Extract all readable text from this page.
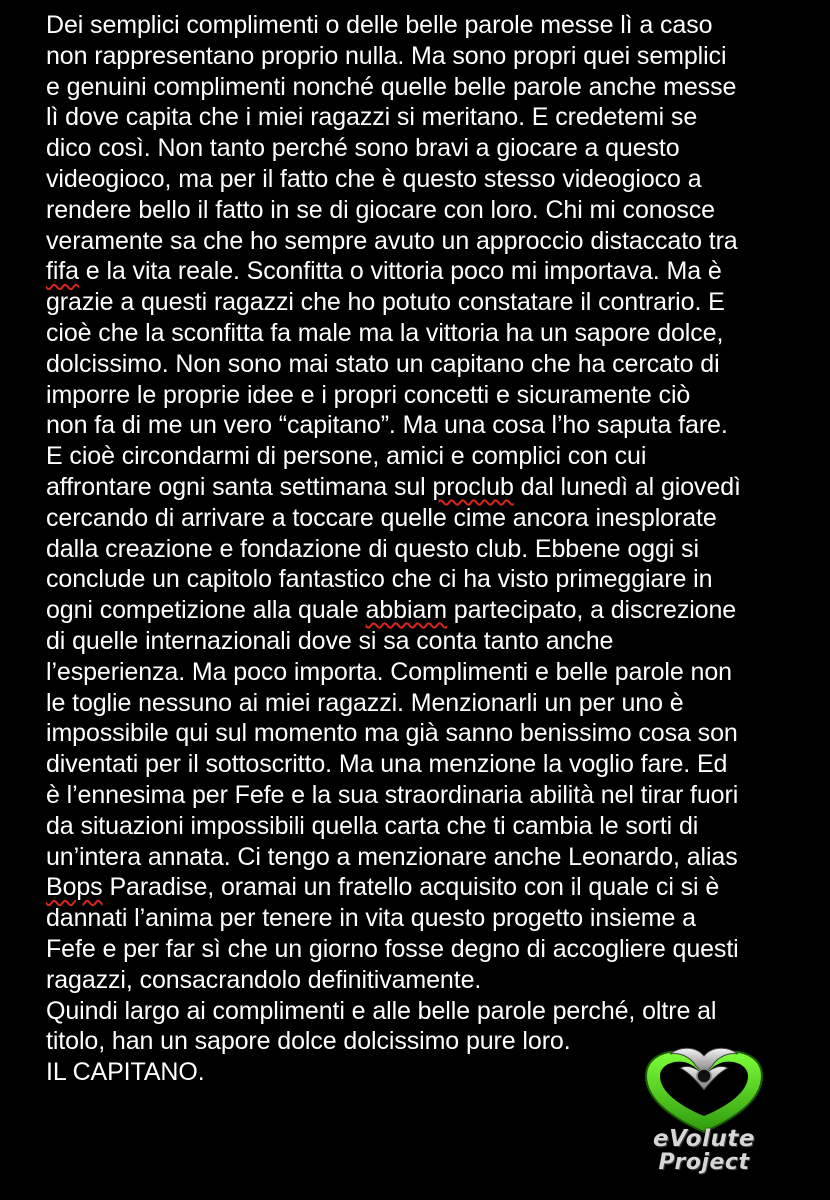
Dei semplici complimenti o delle belle parole messe lì a caso
non rappresentano proprio nulla. Ma sono propri quei semplici
e genuini complimenti nonché quelle belle parole anche messe
lì dove capita che i miei ragazzi si meritano. E credetemi se
dico così. Non tanto perché sono bravi a giocare a questo
videogioco, ma per il fatto che è questo stesso videogioco a
rendere bello il fatto in se di giocare con loro. Chi mi conosce
veramente sa che ho sempre avuto un approccio distaccato tra
fifa e la vita reale. Sconfitta o vittoria poco mi importava. Ma è
grazie a questi ragazzi che ho potuto constatare il contrario. E
cioè che la sconfitta fa male ma la vittoria ha un sapore dolce,
dolcissimo. Non sono mai stato un capitano che ha cercato di
imporre le proprie idee e i propri concetti e sicuramente ciò
non fa di me un vero “capitano”. Ma una cosa l’ho saputa fare.
E cioè circondarmi di persone, amici e complici con cui
affrontare ogni santa settimana sul proclub dal lunedì al giovedì
cercando di arrivare a toccare quelle cime ancora inesplorate
dalla creazione e fondazione di questo club. Ebbene oggi si
conclude un capitolo fantastico che ci ha visto primeggiare in
ogni competizione alla quale abbiam partecipato, a discrezione
di quelle internazionali dove si sa conta tanto anche
l’esperienza. Ma poco importa. Complimenti e belle parole non
le toglie nessuno ai miei ragazzi. Menzionarli un per uno è
impossibile qui sul momento ma già sanno benissimo cosa son
diventati per il sottoscritto. Ma una menzione la voglio fare. Ed
è l’ennesima per Fefe e la sua straordinaria abilità nel tirar fuori
da situazioni impossibili quella carta che ti cambia le sorti di
un’intera annata. Ci tengo a menzionare anche Leonardo, alias
Bops Paradise, oramai un fratello acquisito con il quale ci si è
dannati l’anima per tenere in vita questo progetto insieme a
Fefe e per far sì che un giorno fosse degno di accogliere questi
ragazzi, consacrandolo definitivamente.
Quindi largo ai complimenti e alle belle parole perché, oltre al
titolo, han un sapore dolce dolcissimo pure loro.
IL CAPITANO.
eVolute
Project
